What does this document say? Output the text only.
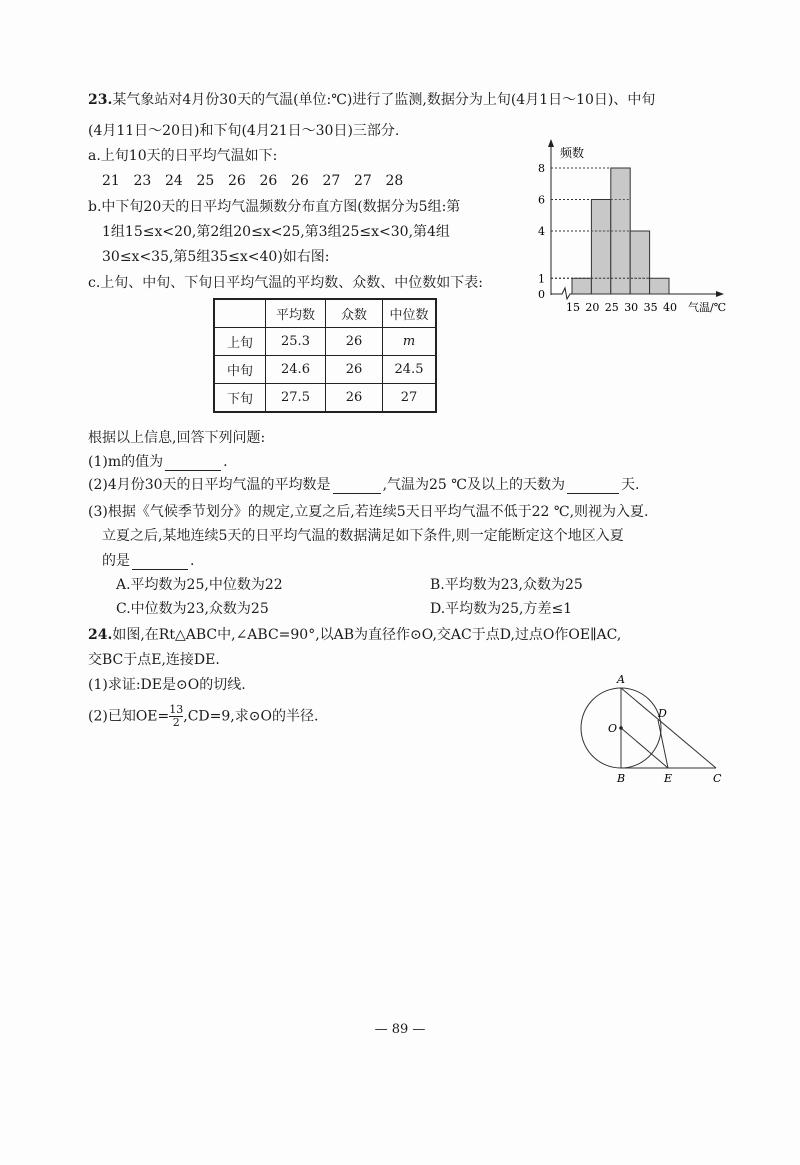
23.某气象站对4月份30天的气温(单位:℃)进行了监测,数据分为上旬(4月1日～10日)、中旬
(4月11日～20日)和下旬(4月21日～30日)三部分.
a.上旬10天的日平均气温如下:
21 23 24 25 26 26 26 27 27 28
b.中下旬20天的日平均气温频数分布直方图(数据分为5组:第
1组15≤x<20,第2组20≤x<25,第3组25≤x<30,第4组
30≤x<35,第5组35≤x<40)如右图:
c.上旬、中旬、下旬日平均气温的平均数、众数、中位数如下表:
	平均数	众数	中位数
上旬	25.3	26	m
中旬	24.6	26	24.5
下旬	27.5	26	27
0
1
4
6
8
15 20 25 30 35 40
频数
气温/℃
根据以上信息,回答下列问题:
(1)m的值为	.
(2)4月份30天的日平均气温的平均数是	,气温为25 ℃及以上的天数为	天.
(3)根据《气候季节划分》的规定,立夏之后,若连续5天日平均气温不低于22 ℃,则视为入夏.
立夏之后,某地连续5天的日平均气温的数据满足如下条件,则一定能断定这个地区入夏
的是	.
A.平均数为25,中位数为22	B.平均数为23,众数为25
C.中位数为23,众数为25	D.平均数为25,方差≤1
24.如图,在Rt△ABC中,∠ABC=90°,以AB为直径作⊙O,交AC于点D,过点O作OE∥AC,
交BC于点E,连接DE.
(1)求证:DE是⊙O的切线.
(2)已知$OE= \frac{13}{2} ,CD=9$,求⊙O的半径.
A
B	C
D
E
O
— 89 —
